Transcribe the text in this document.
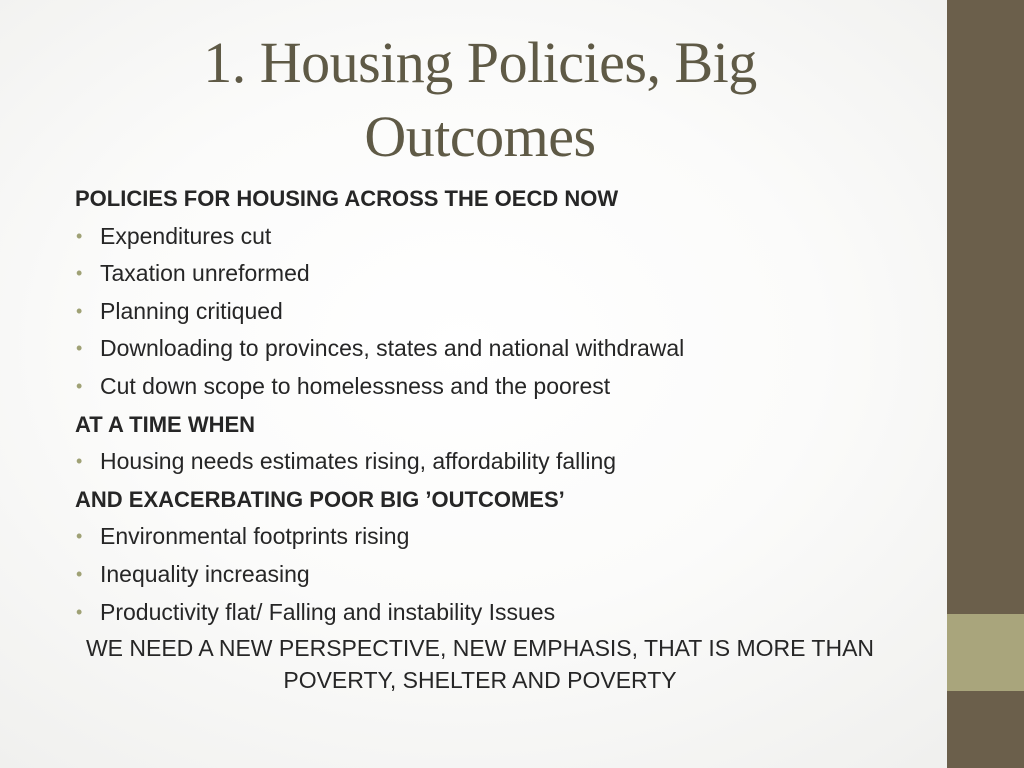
1. Housing Policies, Big
Outcomes
POLICIES FOR HOUSING ACROSS THE OECD NOW
• Expenditures cut
• Taxation unreformed
• Planning critiqued
• Downloading to provinces, states and national withdrawal
• Cut down scope to homelessness and the poorest
AT A TIME WHEN
• Housing needs estimates rising, affordability falling
AND EXACERBATING POOR BIG ’OUTCOMES’
• Environmental footprints rising
• Inequality increasing
• Productivity flat/ Falling and instability Issues

WE NEED A NEW PERSPECTIVE, NEW EMPHASIS, THAT IS MORE THAN
POVERTY, SHELTER AND POVERTY
